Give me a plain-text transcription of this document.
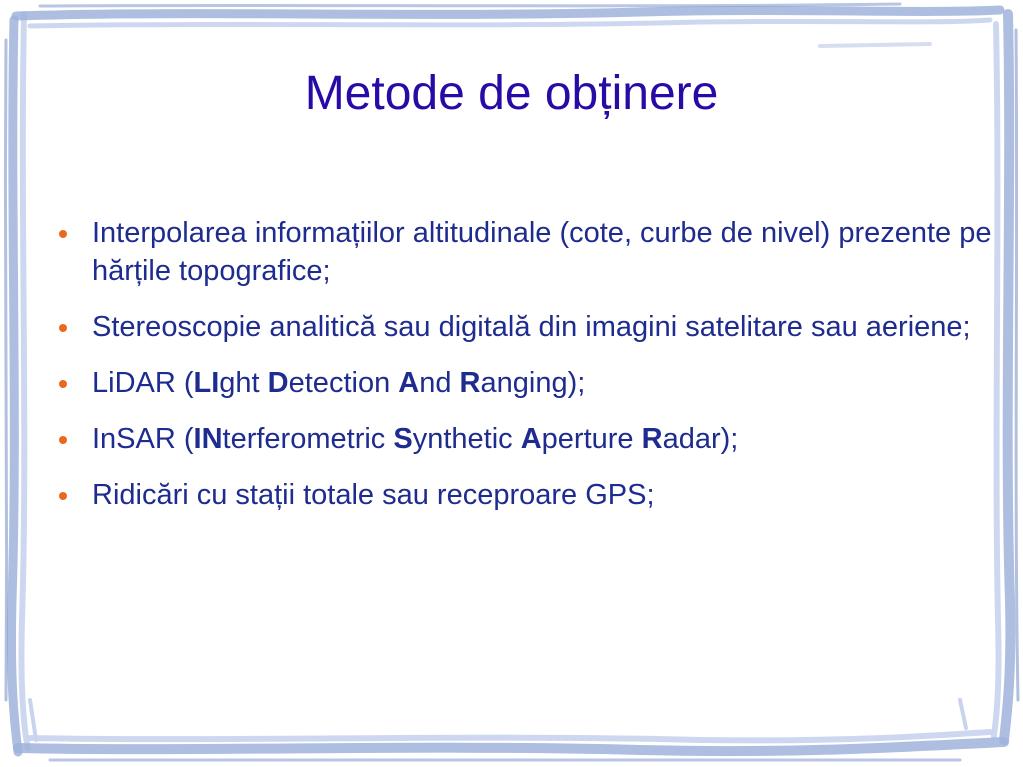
Metode de obținere
Interpolarea informațiilor altitudinale (cote, curbe de nivel) prezente pe hărțile topografice;
Stereoscopie analitică sau digitală din imagini satelitare sau aeriene;
LiDAR (LIght Detection And Ranging);
InSAR (INterferometric Synthetic Aperture Radar);
Ridicări cu stații totale sau receproare GPS;
